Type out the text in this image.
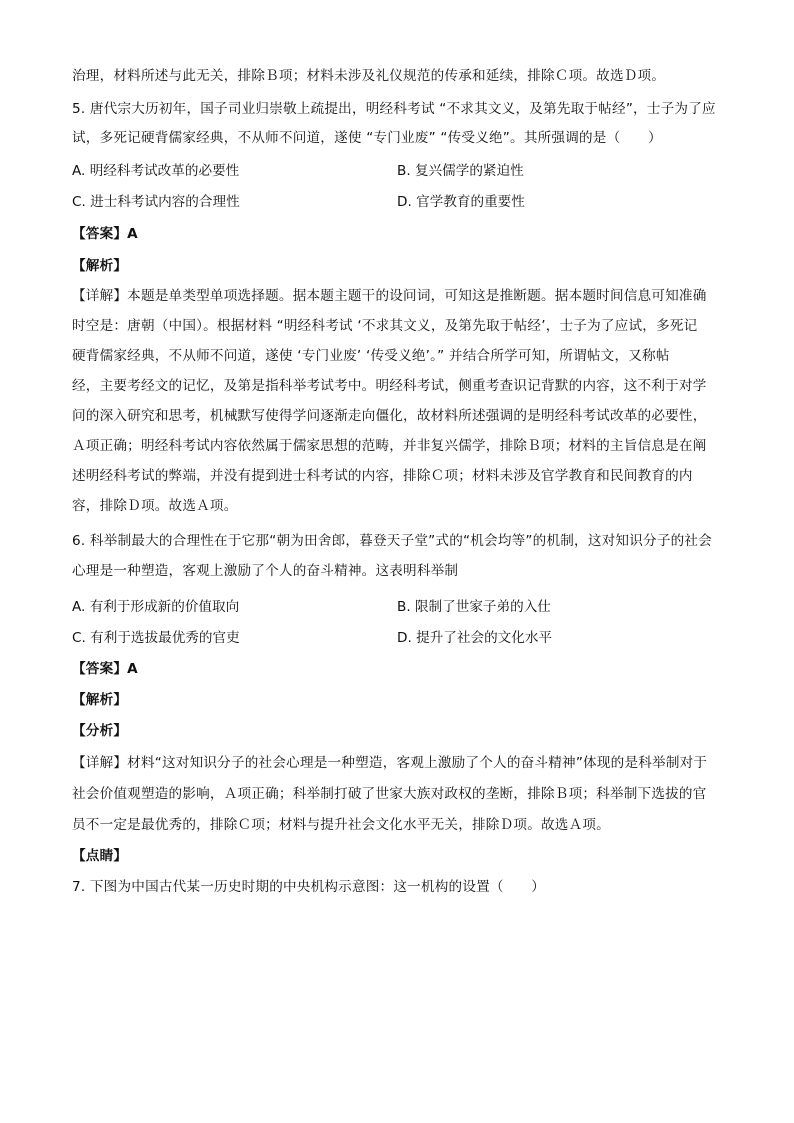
治理，材料所述与此无关，排除Ｂ项；材料未涉及礼仪规范的传承和延续，排除Ｃ项。故选Ｄ项。
5. 唐代宗大历初年，国子司业归崇敬上疏提出，明经科考试 “不求其文义，及第先取于帖经”，士子为了应
试，多死记硬背儒家经典，不从师不问道，遂使 “专门业废” “传受义绝”。其所强调的是（　　）
A. 明经科考试改革的必要性	B. 复兴儒学的紧迫性
C. 进士科考试内容的合理性	D. 官学教育的重要性
【答案】A
【解析】
【详解】本题是单类型单项选择题。据本题主题干的设问词，可知这是推断题。据本题时间信息可知准确
时空是：唐朝（中国）。根据材料 “明经科考试 ‘不求其文义，及第先取于帖经’，士子为了应试，多死记
硬背儒家经典，不从师不问道，遂使 ‘专门业废’ ‘传受义绝’。” 并结合所学可知，所谓帖文，又称帖
经，主要考经文的记忆，及第是指科举考试考中。明经科考试，侧重考查识记背默的内容，这不利于对学
问的深入研究和思考，机械默写使得学问逐渐走向僵化，故材料所述强调的是明经科考试改革的必要性，
Ａ项正确；明经科考试内容依然属于儒家思想的范畴，并非复兴儒学，排除Ｂ项；材料的主旨信息是在阐
述明经科考试的弊端，并没有提到进士科考试的内容，排除Ｃ项；材料未涉及官学教育和民间教育的内
容，排除Ｄ项。故选Ａ项。
6. 科举制最大的合理性在于它那“朝为田舍郎，暮登天子堂”式的“机会均等”的机制，这对知识分子的社会
心理是一种塑造，客观上激励了个人的奋斗精神。这表明科举制
A. 有利于形成新的价值取向	B. 限制了世家子弟的入仕
C. 有利于选拔最优秀的官吏	D. 提升了社会的文化水平
【答案】A
【解析】
【分析】
【详解】材料“这对知识分子的社会心理是一种塑造，客观上激励了个人的奋斗精神”体现的是科举制对于
社会价值观塑造的影响，Ａ项正确；科举制打破了世家大族对政权的垄断，排除Ｂ项；科举制下选拔的官
员不一定是最优秀的，排除Ｃ项；材料与提升社会文化水平无关，排除Ｄ项。故选Ａ项。
【点睛】
7. 下图为中国古代某一历史时期的中央机构示意图：这一机构的设置（　　）
